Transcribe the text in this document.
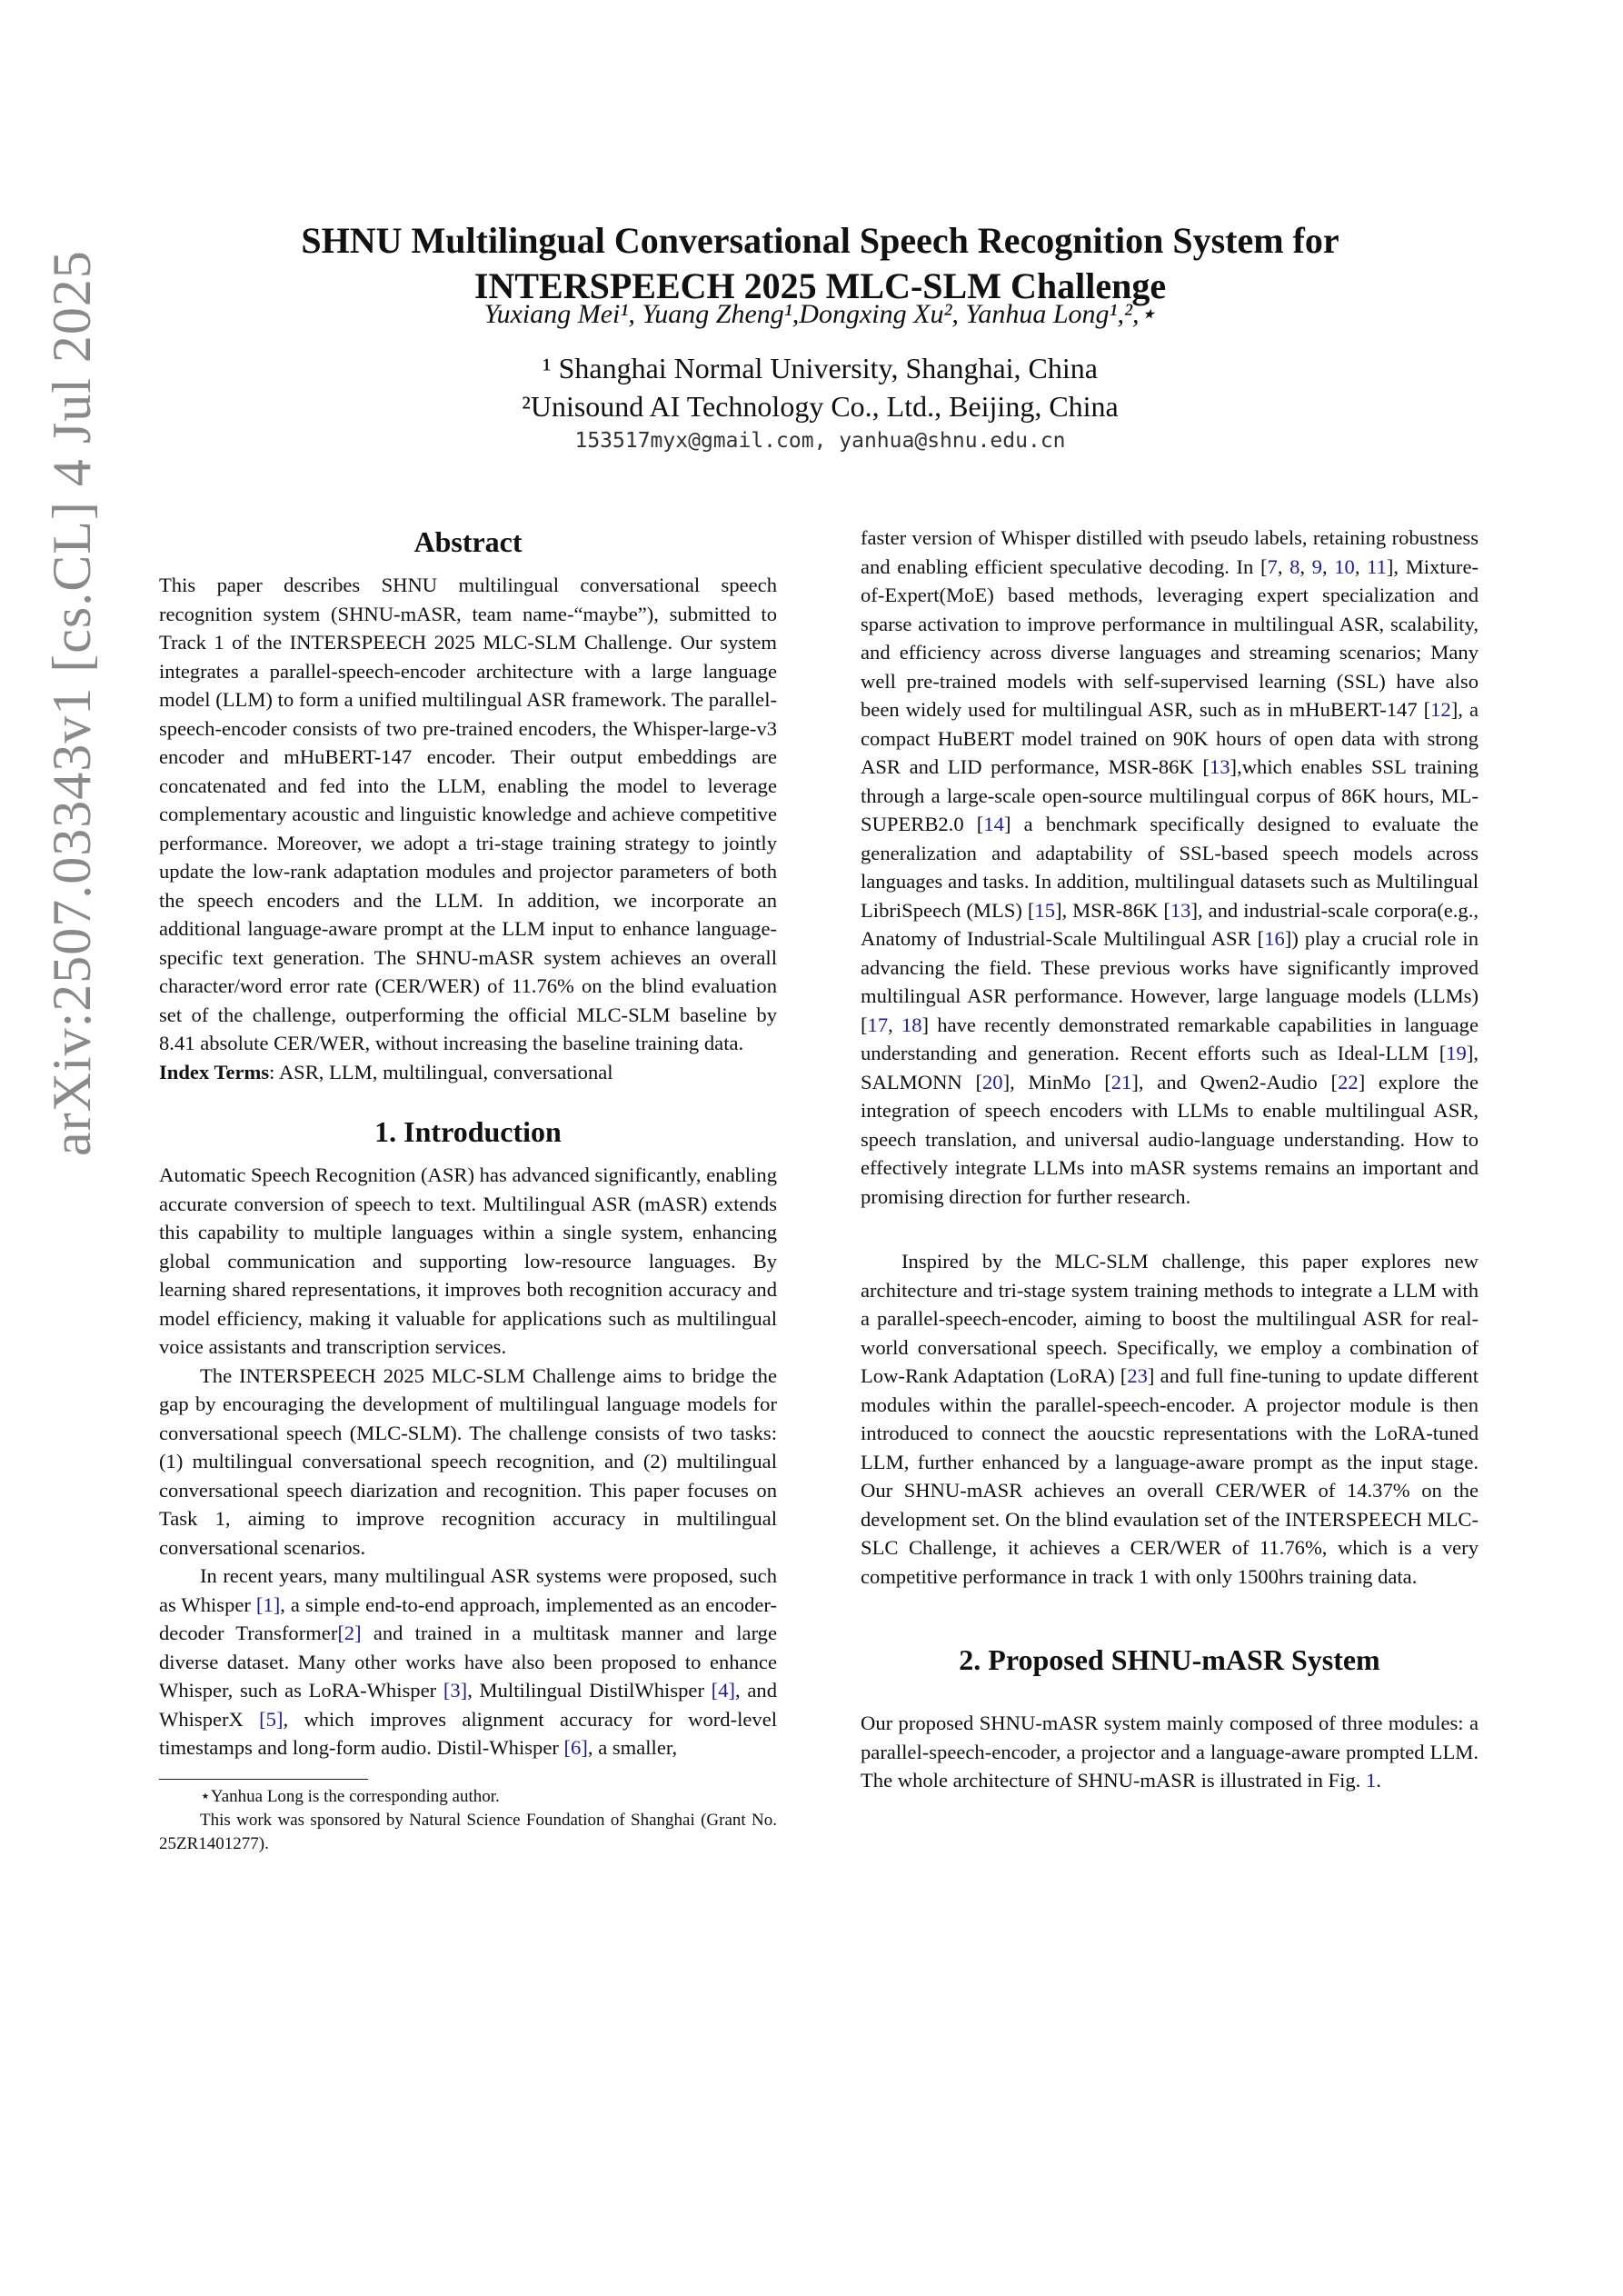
arXiv:2507.03343v1 [cs.CL] 4 Jul 2025
SHNU Multilingual Conversational Speech Recognition System for
INTERSPEECH 2025 MLC-SLM Challenge
Yuxiang Mei¹, Yuang Zheng¹,Dongxing Xu², Yanhua Long¹,²,⋆
¹ Shanghai Normal University, Shanghai, China
²Unisound AI Technology Co., Ltd., Beijing, China
153517myx@gmail.com, yanhua@shnu.edu.cn
Abstract

This paper describes SHNU multilingual conversational speech recognition system (SHNU-mASR, team name-“maybe”), submitted to Track 1 of the INTERSPEECH 2025 MLC-SLM Challenge. Our system integrates a parallel-speech-encoder architecture with a large language model (LLM) to form a unified multilingual ASR framework. The parallel-speech-encoder consists of two pre-trained encoders, the Whisper-large-v3 encoder and mHuBERT-147 encoder. Their output embeddings are concatenated and fed into the LLM, enabling the model to leverage complementary acoustic and linguistic knowledge and achieve competitive performance. Moreover, we adopt a tri-stage training strategy to jointly update the low-rank adaptation modules and projector parameters of both the speech encoders and the LLM. In addition, we incorporate an additional language-aware prompt at the LLM input to enhance language-specific text generation. The SHNU-mASR system achieves an overall character/word error rate (CER/WER) of 11.76% on the blind evaluation set of the challenge, outperforming the official MLC-SLM baseline by 8.41 absolute CER/WER, without increasing the baseline training data.

Index Terms: ASR, LLM, multilingual, conversational

1. Introduction

Automatic Speech Recognition (ASR) has advanced significantly, enabling accurate conversion of speech to text. Multilingual ASR (mASR) extends this capability to multiple languages within a single system, enhancing global communication and supporting low-resource languages. By learning shared representations, it improves both recognition accuracy and model efficiency, making it valuable for applications such as multilingual voice assistants and transcription services.

The INTERSPEECH 2025 MLC-SLM Challenge aims to bridge the gap by encouraging the development of multilingual language models for conversational speech (MLC-SLM). The challenge consists of two tasks: (1) multilingual conversational speech recognition, and (2) multilingual conversational speech diarization and recognition. This paper focuses on Task 1, aiming to improve recognition accuracy in multilingual conversational scenarios.

In recent years, many multilingual ASR systems were proposed, such as Whisper [1], a simple end-to-end approach, implemented as an encoder-decoder Transformer[2] and trained in a multitask manner and large diverse dataset. Many other works have also been proposed to enhance Whisper, such as LoRA-Whisper [3], Multilingual DistilWhisper [4], and WhisperX [5], which improves alignment accuracy for word-level timestamps and long-form audio. Distil-Whisper [6], a smaller,

⋆Yanhua Long is the corresponding author.

This work was sponsored by Natural Science Foundation of Shanghai (Grant No. 25ZR1401277).

faster version of Whisper distilled with pseudo labels, retaining robustness and enabling efficient speculative decoding. In [7, 8, 9, 10, 11], Mixture-of-Expert(MoE) based methods, leveraging expert specialization and sparse activation to improve performance in multilingual ASR, scalability, and efficiency across diverse languages and streaming scenarios; Many well pre-trained models with self-supervised learning (SSL) have also been widely used for multilingual ASR, such as in mHuBERT-147 [12], a compact HuBERT model trained on 90K hours of open data with strong ASR and LID performance, MSR-86K [13],which enables SSL training through a large-scale open-source multilingual corpus of 86K hours, ML-SUPERB2.0 [14] a benchmark specifically designed to evaluate the generalization and adaptability of SSL-based speech models across languages and tasks. In addition, multilingual datasets such as Multilingual LibriSpeech (MLS) [15], MSR-86K [13], and industrial-scale corpora(e.g., Anatomy of Industrial-Scale Multilingual ASR [16]) play a crucial role in advancing the field. These previous works have significantly improved multilingual ASR performance. However, large language models (LLMs) [17, 18] have recently demonstrated remarkable capabilities in language understanding and generation. Recent efforts such as Ideal-LLM [19], SALMONN [20], MinMo [21], and Qwen2-Audio [22] explore the integration of speech encoders with LLMs to enable multilingual ASR, speech translation, and universal audio-language understanding. How to effectively integrate LLMs into mASR systems remains an important and promising direction for further research.

Inspired by the MLC-SLM challenge, this paper explores new architecture and tri-stage system training methods to integrate a LLM with a parallel-speech-encoder, aiming to boost the multilingual ASR for real-world conversational speech. Specifically, we employ a combination of Low-Rank Adaptation (LoRA) [23] and full fine-tuning to update different modules within the parallel-speech-encoder. A projector module is then introduced to connect the aoucstic representations with the LoRA-tuned LLM, further enhanced by a language-aware prompt as the input stage. Our SHNU-mASR achieves an overall CER/WER of 14.37% on the development set. On the blind evaulation set of the INTERSPEECH MLC-SLC Challenge, it achieves a CER/WER of 11.76%, which is a very competitive performance in track 1 with only 1500hrs training data.

2. Proposed SHNU-mASR System

Our proposed SHNU-mASR system mainly composed of three modules: a parallel-speech-encoder, a projector and a language-aware prompted LLM. The whole architecture of SHNU-mASR is illustrated in Fig. 1.
